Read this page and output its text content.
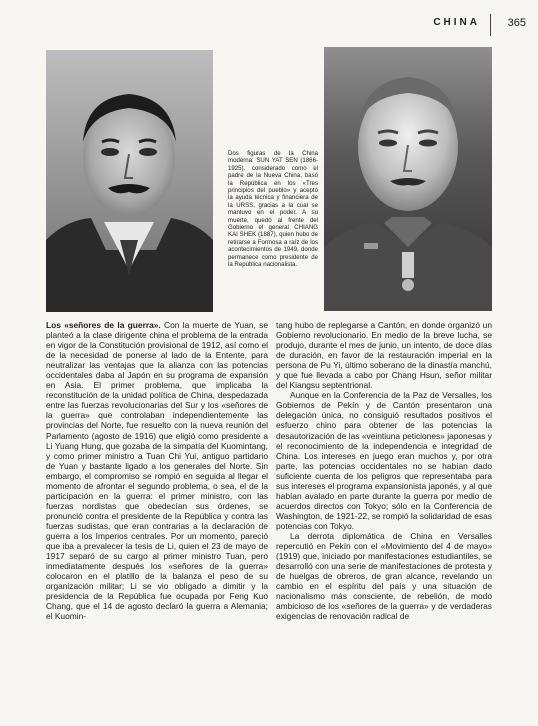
CHINA	365
Dos figuras de la China moderna: SUN YAT SEN (1866-1925), considerado como el padre de la Nueva China, basó la República en los «Tres principios del pueblo» y aceptó la ayuda técnica y financiera de la URSS, gracias a la cual se mantuvo en el poder. A su muerte, quedó al frente del Gobierno el general CHIANG KAI SHEK (1887), quien hubo de retirarse a Formosa a raíz de los acontecimientos de 1949, donde permanece como presidente de la República nacionalista.

Los «señores de la guerra». Con la muerte de Yuan, se planteó a la clase dirigente china el problema de la entrada en vigor de la Constitución provisional de 1912, así como el de la necesidad de ponerse al lado de la Entente, para neutralizar las ventajas que la alianza con las potencias occidentales daba al Japón en su programa de expansión en Asia. El primer problema, que implicaba la reconstitución de la unidad política de China, despedazada entre las fuerzas revolucionarias del Sur y los «señores de la guerra» que controlaban independientemente las provincias del Norte, fue resuelto con la nueva reunión del Parlamento (agosto de 1916) que eligió como presidente a Li Yuang Hung, que gozaba de la simpatía del Kuomintang, y como primer ministro a Tuan Chi Yui, antiguo partidario de Yuan y bastante ligado a los generales del Norte. Sin embargo, el compromiso se rompió en seguida al llegar el momento de afrontar el segundo problema, o sea, el de la participación en la guerra: el primer ministro, con las fuerzas nordistas que obedecían sus órdenes, se pronunció contra el presidente de la República y contra las fuerzas sudistas, que eran contrarias a la declaración de guerra a los Imperios centrales. Por un momento, pareció que iba a prevalecer la tesis de Li, quien el 23 de mayo de 1917 separó de su cargo al primer ministro Tuan, pero inmediatamente después los «señores de la guerra» colocaron en el platillo de la balanza el peso de su organización militar; Li se vio obligado a dimitir y la presidencia de la República fue ocupada por Feng Kuo Chang, que el 14 de agosto declaró la guerra a Alemania; el Kuomin-

tang hubo de replegarse a Cantón, en donde organizó un Gobierno revolucionario. En medio de la breve lucha, se produjo, durante el mes de junio, un intento, de doce días de duración, en favor de la restauración imperial en la persona de Pu Yi, último soberano de la dinastía manchú, y que fue llevada a cabo por Chang Hsun, señor militar del Kiangsu septentrional.

Aunque en la Conferencia de la Paz de Versalles, los Gobiernos de Pekín y de Cantón presentaron una delegación única, no consiguió resultados positivos el esfuerzo chino para obtener de las potencias la desautorización de las «veintiuna peticiones» japonesas y el reconocimiento de la independencia e integridad de China. Los intereses en juego eran muchos y, por otra parte, las potencias occidentales no se habían dado suficiente cuenta de los peligros que representaba para sus intereses el programa expansionista japonés, y al que habían avalado en parte durante la guerra por medio de acuerdos directos con Tokyo; sólo en la Conferencia de Washington, de 1921-22, se rompió la solidaridad de esas potencias con Tokyo.

La derrota diplomática de China en Versalles repercutió en Pekín con el «Movimiento del 4 de mayo» (1919) que, iniciado por manifestaciones estudiantiles, se desarrolló con una serie de manifestaciones de protesta y de huelgas de obreros, de gran alcance, revelando un cambio en el espíritu del país y una situación de nacionalismo más consciente, de rebelión, de modo ambicioso de los «señores de la guerra» y de verdaderas exigencias de renovación radical de
